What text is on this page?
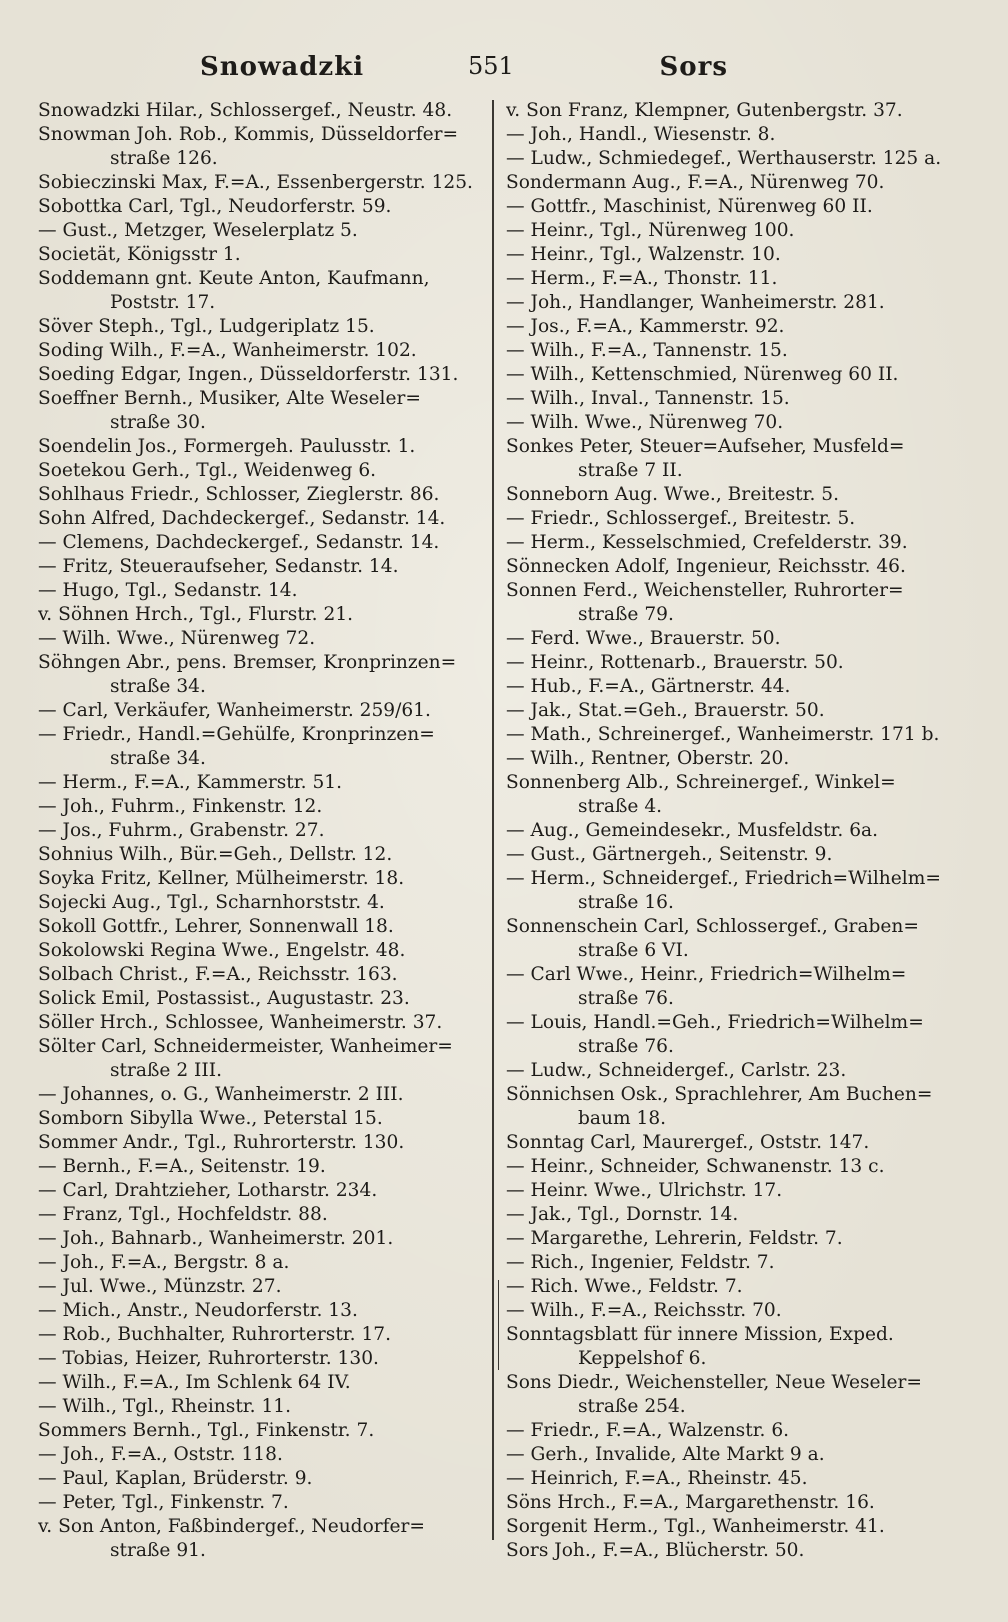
Snowadzki	551	Sors
Snowadzki Hilar., Schlossergef., Neustr. 48.
Snowman Joh. Rob., Kommis, Düsseldorfer=
straße 126.
Sobieczinski Max, F.=A., Essenbergerstr. 125.
Sobottka Carl, Tgl., Neudorferstr. 59.
— Gust., Metzger, Weselerplatz 5.
Societät, Königsstr 1.
Soddemann gnt. Keute Anton, Kaufmann,
Poststr. 17.
Söver Steph., Tgl., Ludgeriplatz 15.
Soding Wilh., F.=A., Wanheimerstr. 102.
Soeding Edgar, Ingen., Düsseldorferstr. 131.
Soeffner Bernh., Musiker, Alte Weseler=
straße 30.
Soendelin Jos., Formergeh. Paulusstr. 1.
Soetekou Gerh., Tgl., Weidenweg 6.
Sohlhaus Friedr., Schlosser, Zieglerstr. 86.
Sohn Alfred, Dachdeckergef., Sedanstr. 14.
— Clemens, Dachdeckergef., Sedanstr. 14.
— Fritz, Steueraufseher, Sedanstr. 14.
— Hugo, Tgl., Sedanstr. 14.
v. Söhnen Hrch., Tgl., Flurstr. 21.
— Wilh. Wwe., Nürenweg 72.
Söhngen Abr., pens. Bremser, Kronprinzen=
straße 34.
— Carl, Verkäufer, Wanheimerstr. 259/61.
— Friedr., Handl.=Gehülfe, Kronprinzen=
straße 34.
— Herm., F.=A., Kammerstr. 51.
— Joh., Fuhrm., Finkenstr. 12.
— Jos., Fuhrm., Grabenstr. 27.
Sohnius Wilh., Bür.=Geh., Dellstr. 12.
Soyka Fritz, Kellner, Mülheimerstr. 18.
Sojecki Aug., Tgl., Scharnhorststr. 4.
Sokoll Gottfr., Lehrer, Sonnenwall 18.
Sokolowski Regina Wwe., Engelstr. 48.
Solbach Christ., F.=A., Reichsstr. 163.
Solick Emil, Postassist., Augustastr. 23.
Söller Hrch., Schlossee, Wanheimerstr. 37.
Sölter Carl, Schneidermeister, Wanheimer=
straße 2 III.
— Johannes, o. G., Wanheimerstr. 2 III.
Somborn Sibylla Wwe., Peterstal 15.
Sommer Andr., Tgl., Ruhrorterstr. 130.
— Bernh., F.=A., Seitenstr. 19.
— Carl, Drahtzieher, Lotharstr. 234.
— Franz, Tgl., Hochfeldstr. 88.
— Joh., Bahnarb., Wanheimerstr. 201.
— Joh., F.=A., Bergstr. 8 a.
— Jul. Wwe., Münzstr. 27.
— Mich., Anstr., Neudorferstr. 13.
— Rob., Buchhalter, Ruhrorterstr. 17.
— Tobias, Heizer, Ruhrorterstr. 130.
— Wilh., F.=A., Im Schlenk 64 IV.
— Wilh., Tgl., Rheinstr. 11.
Sommers Bernh., Tgl., Finkenstr. 7.
— Joh., F.=A., Oststr. 118.
— Paul, Kaplan, Brüderstr. 9.
— Peter, Tgl., Finkenstr. 7.
v. Son Anton, Faßbindergef., Neudorfer=
straße 91.
v. Son Franz, Klempner, Gutenbergstr. 37.
— Joh., Handl., Wiesenstr. 8.
— Ludw., Schmiedegef., Werthauserstr. 125 a.
Sondermann Aug., F.=A., Nürenweg 70.
— Gottfr., Maschinist, Nürenweg 60 II.
— Heinr., Tgl., Nürenweg 100.
— Heinr., Tgl., Walzenstr. 10.
— Herm., F.=A., Thonstr. 11.
— Joh., Handlanger, Wanheimerstr. 281.
— Jos., F.=A., Kammerstr. 92.
— Wilh., F.=A., Tannenstr. 15.
— Wilh., Kettenschmied, Nürenweg 60 II.
— Wilh., Inval., Tannenstr. 15.
— Wilh. Wwe., Nürenweg 70.
Sonkes Peter, Steuer=Aufseher, Musfeld=
straße 7 II.
Sonneborn Aug. Wwe., Breitestr. 5.
— Friedr., Schlossergef., Breitestr. 5.
— Herm., Kesselschmied, Crefelderstr. 39.
Sönnecken Adolf, Ingenieur, Reichsstr. 46.
Sonnen Ferd., Weichensteller, Ruhrorter=
straße 79.
— Ferd. Wwe., Brauerstr. 50.
— Heinr., Rottenarb., Brauerstr. 50.
— Hub., F.=A., Gärtnerstr. 44.
— Jak., Stat.=Geh., Brauerstr. 50.
— Math., Schreinergef., Wanheimerstr. 171 b.
— Wilh., Rentner, Oberstr. 20.
Sonnenberg Alb., Schreinergef., Winkel=
straße 4.
— Aug., Gemeindesekr., Musfeldstr. 6a.
— Gust., Gärtnergeh., Seitenstr. 9.
— Herm., Schneidergef., Friedrich=Wilhelm=
straße 16.
Sonnenschein Carl, Schlossergef., Graben=
straße 6 VI.
— Carl Wwe., Heinr., Friedrich=Wilhelm=
straße 76.
— Louis, Handl.=Geh., Friedrich=Wilhelm=
straße 76.
— Ludw., Schneidergef., Carlstr. 23.
Sönnichsen Osk., Sprachlehrer, Am Buchen=
baum 18.
Sonntag Carl, Maurergef., Oststr. 147.
— Heinr., Schneider, Schwanenstr. 13 c.
— Heinr. Wwe., Ulrichstr. 17.
— Jak., Tgl., Dornstr. 14.
— Margarethe, Lehrerin, Feldstr. 7.
— Rich., Ingenier, Feldstr. 7.
— Rich. Wwe., Feldstr. 7.
— Wilh., F.=A., Reichsstr. 70.
Sonntagsblatt für innere Mission, Exped.
Keppelshof 6.
Sons Diedr., Weichensteller, Neue Weseler=
straße 254.
— Friedr., F.=A., Walzenstr. 6.
— Gerh., Invalide, Alte Markt 9 a.
— Heinrich, F.=A., Rheinstr. 45.
Söns Hrch., F.=A., Margarethenstr. 16.
Sorgenit Herm., Tgl., Wanheimerstr. 41.
Sors Joh., F.=A., Blücherstr. 50.
